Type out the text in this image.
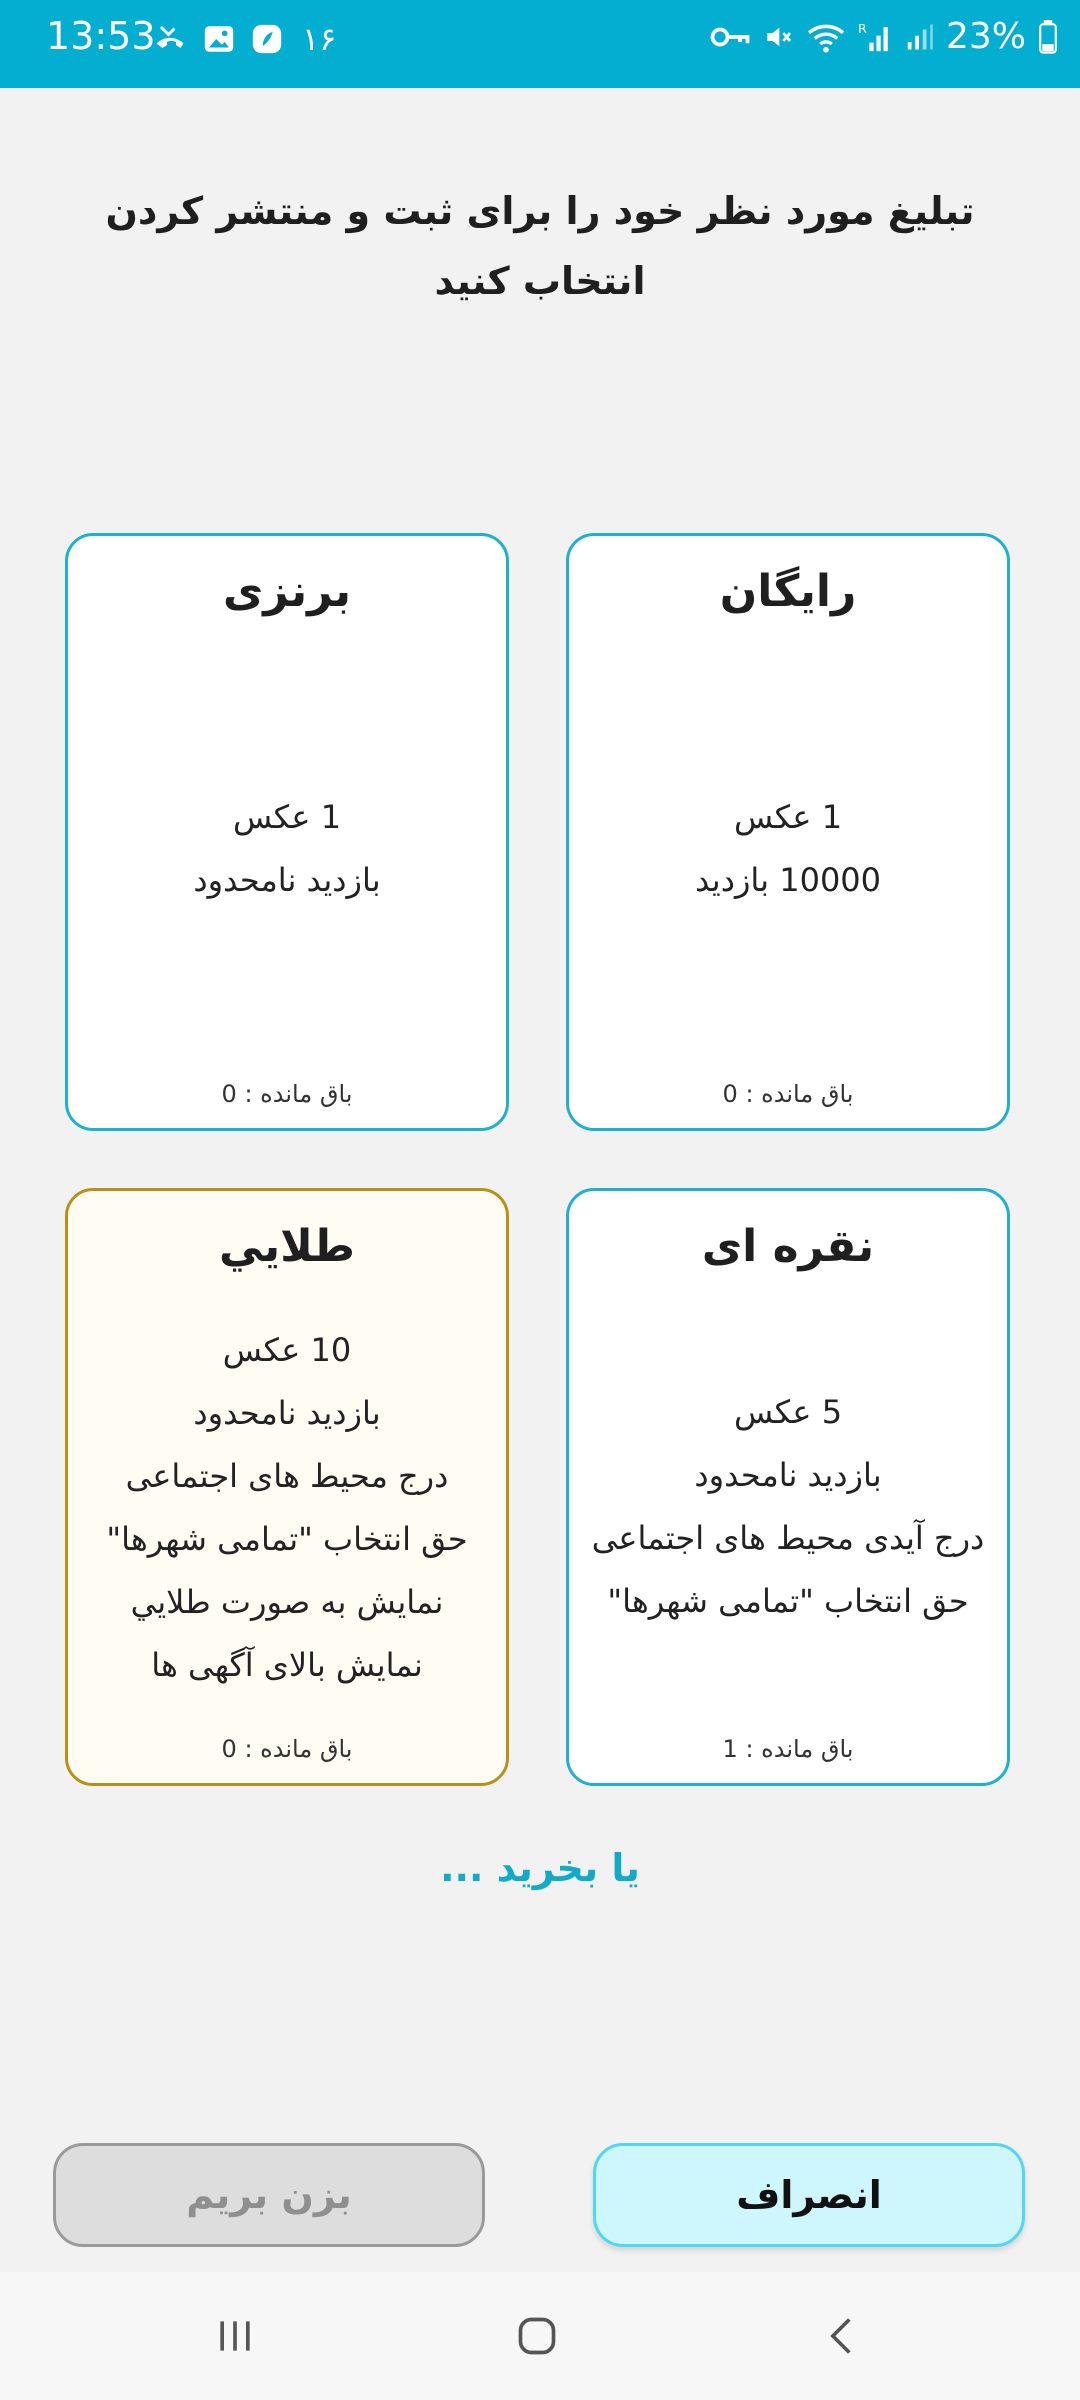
13:53	١۶	R 23%
تبلیغ مورد نظر خود را برای ثبت و منتشر کردن انتخاب کنید
رایگان
1 عکس
10000 بازدید
باق مانده : 0
برنزی
1 عکس
بازدید نامحدود
باق مانده : 0
نقره ای
5 عکس
بازدید نامحدود
درج آیدی محیط های اجتماعی
حق انتخاب "تمامی شهرها"
باق مانده : 1
طلايي
10 عکس
بازدید نامحدود
درج محیط های اجتماعی
حق انتخاب "تمامی شهرها"
نمایش به صورت طلايي
نمایش بالای آگهی ها
باق مانده : 0
یا بخرید ...
بزن بریم	انصراف
